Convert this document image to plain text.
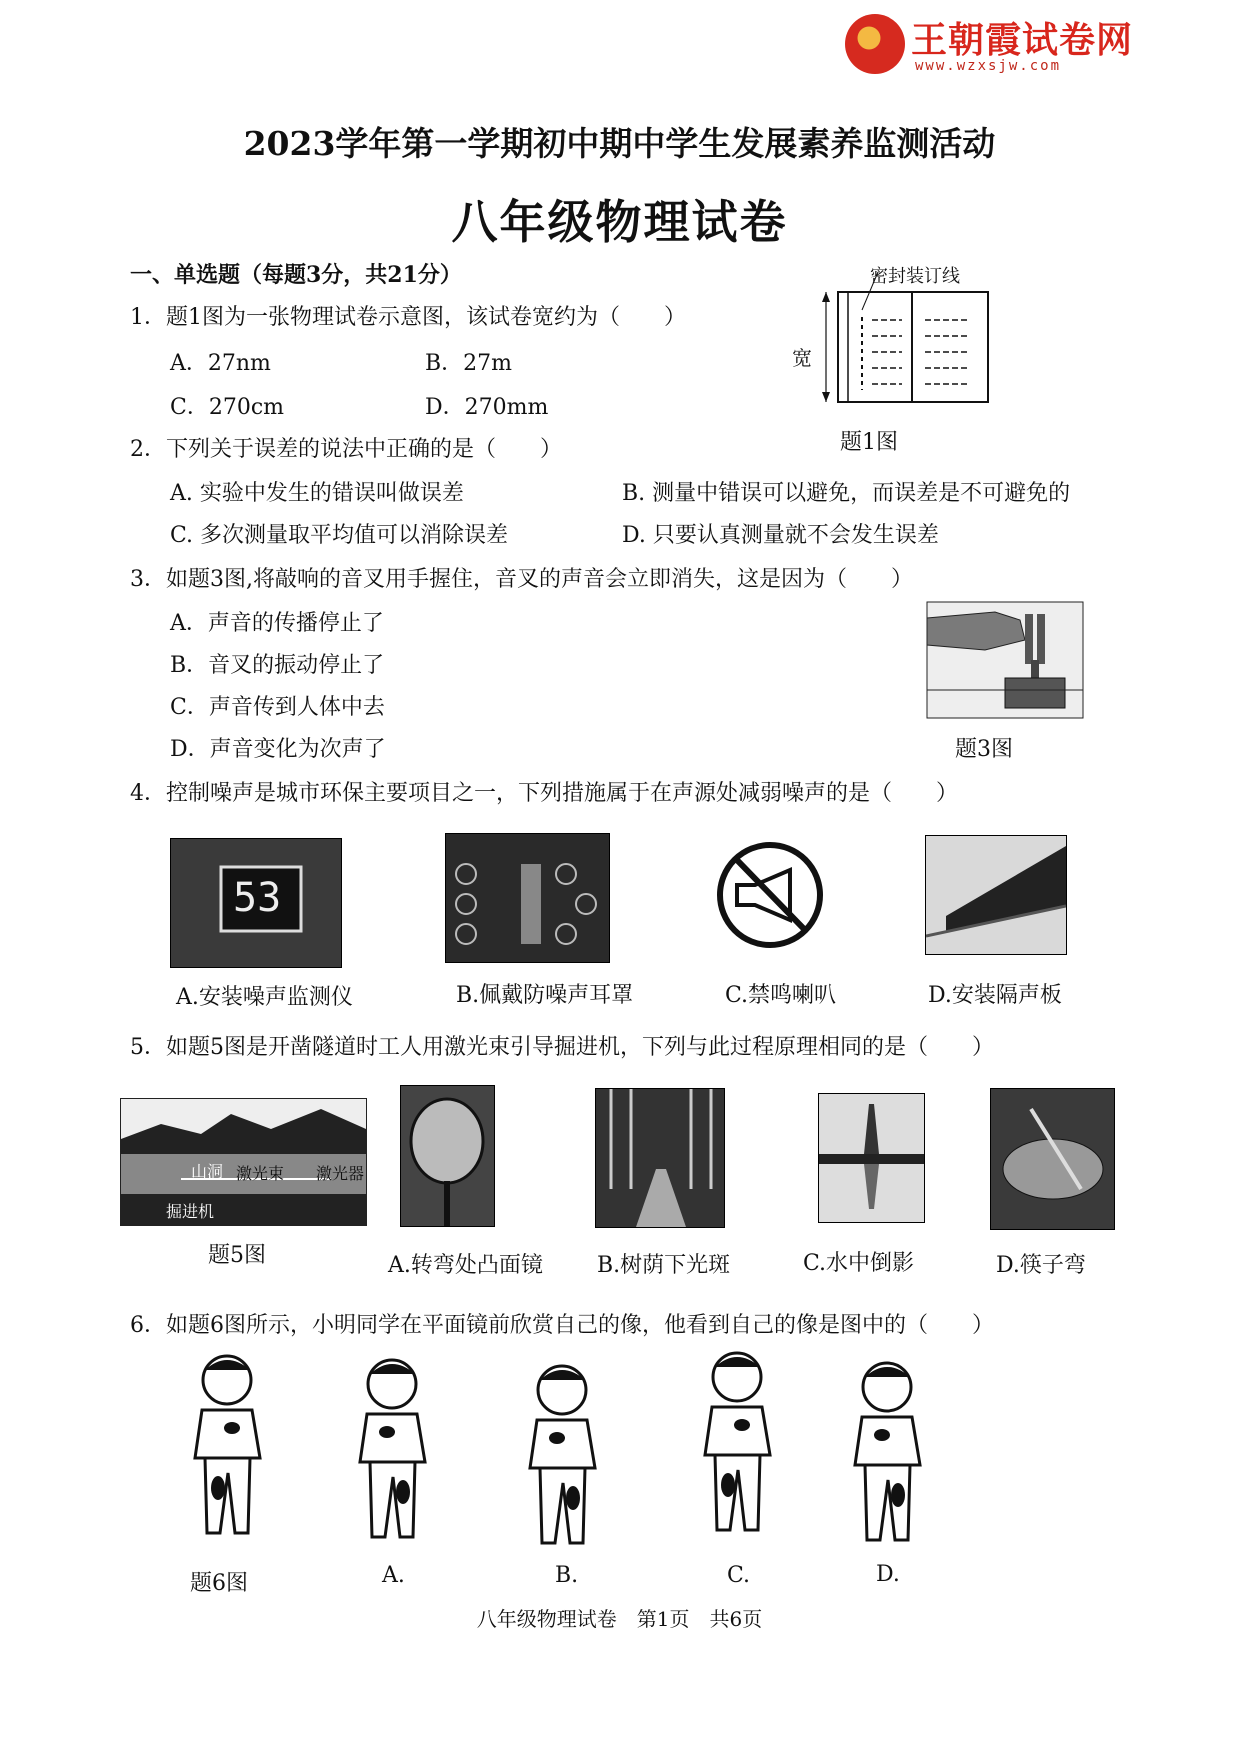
王朝霞试卷网
www.wzxsjw.com
2023学年第一学期初中期中学生发展素养监测活动
八年级物理试卷
一、单选题（每题3分，共21分）
1．题1图为一张物理试卷示意图，该试卷宽约为（　　）
A．27nm	B．27m
C．270cm	D．270mm
密封装订线
宽
题1图
2．下列关于误差的说法中正确的是（　　）
A. 实验中发生的错误叫做误差	B. 测量中错误可以避免，而误差是不可避免的
C. 多次测量取平均值可以消除误差	D. 只要认真测量就不会发生误差
3．如题3图,将敲响的音叉用手握住，音叉的声音会立即消失，这是因为（　　）
A．声音的传播停止了
B．音叉的振动停止了
C．声音传到人体中去
D．声音变化为次声了	题3图
4．控制噪声是城市环保主要项目之一，下列措施属于在声源处减弱噪声的是（　　）
53
A.安装噪声监测仪	B.佩戴防噪声耳罩	C.禁鸣喇叭	D.安装隔声板
5．如题5图是开凿隧道时工人用激光束引导掘进机，下列与此过程原理相同的是（　　）
山洞 激光束 激光器
掘进机
题5图	A.转弯处凸面镜 B.树荫下光斑	C.水中倒影	D.筷子弯
6．如题6图所示，小明同学在平面镜前欣赏自己的像，他看到自己的像是图中的（　　）
题6图	A.	B.	C.	D.
八年级物理试卷　第1页　共6页
